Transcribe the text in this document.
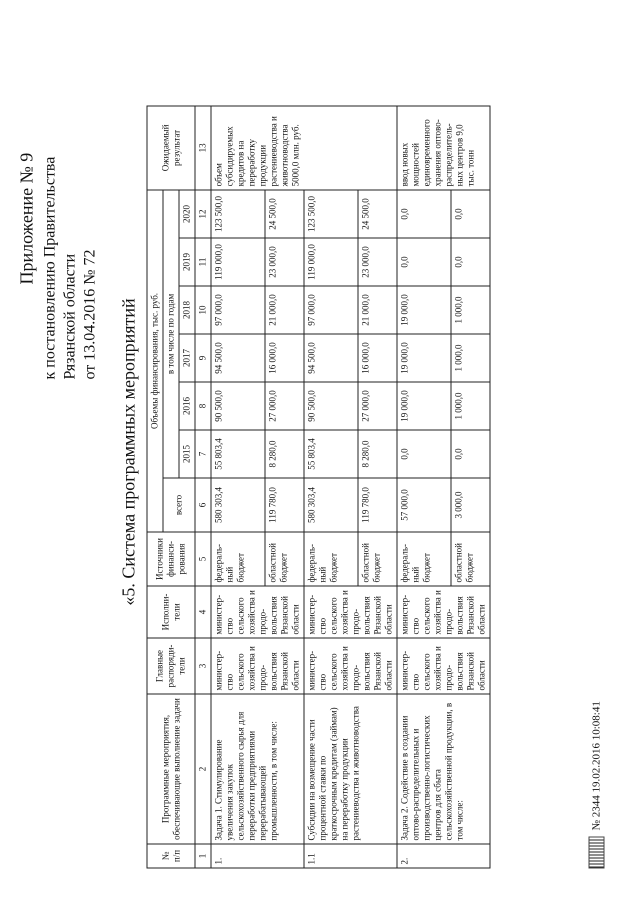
Приложение № 9 к постановлению Правительства Рязанской области от 13.04.2016 № 72 «5. Система программных мероприятий
№ п/п	Программные мероприятия, обеспечивающие выполнение задачи	Главные распоряди-тели	Исполни-тели	Источники финанси-рования	Объемы финансирования, тыс. руб.							Ожидаемый результат
					всего	в том числе по годам						
						2015	2016	2017	2018	2019	2020	
1	2	3	4	5	6	7	8	9	10	11	12	13
1.	Задача 1. Стимулирование увеличения закупок сельскохозяйственного сырья для переработки предприятиями перерабатывающей промышленности, в том числе:	министер-ство сельского хозяйства и продо-вольствия Рязанской области	министер-ство сельского хозяйства и продо-вольствия Рязанской области	федераль-ный бюджет	580 303,4	55 803,4	90 500,0	94 500,0	97 000,0	119 000,0	123 500,0	объем субсидируемых кредитов на переработку продукции растениеводства и животноводства 5000,0 млн. руб.
				областной бюджет	119 780,0	8 280,0	27 000,0	16 000,0	21 000,0	23 000,0	24 500,0	
1.1	Субсидии на возмещение части процентной ставки по краткосрочным кредитам (займам) на переработку продукции растениеводства и животноводства	министер-ство сельского хозяйства и продо-вольствия Рязанской области	министер-ство сельского хозяйства и продо-вольствия Рязанской области	федераль-ный бюджет	580 303,4	55 803,4	90 500,0	94 500,0	97 000,0	119 000,0	123 500,0	
				областной бюджет	119 780,0	8 280,0	27 000,0	16 000,0	21 000,0	23 000,0	24 500,0	
2.	Задача 2. Содействие в создании оптово-распределительных и производственно-логистических центров для сбыта сельскохозяйственной продукции, в том числе:	министер-ство сельского хозяйства и продо-вольствия Рязанской области	министер-ство сельского хозяйства и продо-вольствия Рязанской области	федераль-ный бюджет	57 000,0	0,0	19 000,0	19 000,0	19 000,0	0,0	0,0	ввод новых мощностей единовременного хранения оптово-распределитель-ных центров 9,0 тыс. тонн
				областной бюджет	3 000,0	0,0	1 000,0	1 000,0	1 000,0	0,0	0,0	
№ 2344 19.02.2016 10:08:41
